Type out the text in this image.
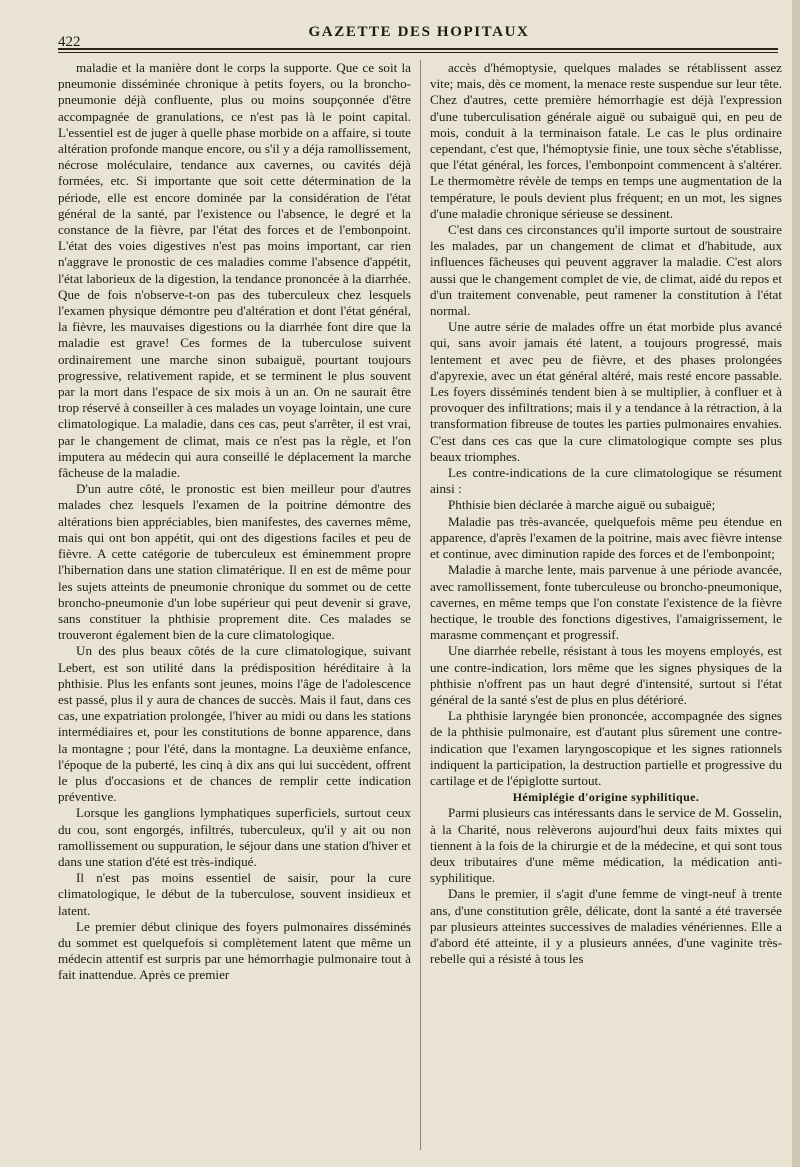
422
GAZETTE DES HOPITAUX

maladie et la manière dont le corps la supporte. Que ce soit la pneumonie disséminée chronique à petits foyers, ou la broncho-pneumonie déjà confluente, plus ou moins soupçonnée d'être accompagnée de granulations, ce n'est pas là le point capital. L'essentiel est de juger à quelle phase morbide on a affaire, si toute altération profonde manque encore, ou s'il y a déja ramollissement, nécrose moléculaire, tendance aux cavernes, ou cavités déjà formées, etc. Si importante que soit cette détermination de la période, elle est encore dominée par la considération de l'état général de la santé, par l'existence ou l'absence, le degré et la constance de la fièvre, par l'état des forces et de l'embonpoint. L'état des voies digestives n'est pas moins important, car rien n'aggrave le pronostic de ces maladies comme l'absence d'appétit, l'état laborieux de la digestion, la tendance prononcée à la diarrhée. Que de fois n'observe-t-on pas des tuberculeux chez lesquels l'examen physique démontre peu d'altération et dont l'état général, la fièvre, les mauvaises digestions ou la diarrhée font dire que la maladie est grave! Ces formes de la tuberculose suivent ordinairement une marche sinon subaiguë, pourtant toujours progressive, relativement rapide, et se terminent le plus souvent par la mort dans l'espace de six mois à un an. On ne saurait être trop réservé à conseiller à ces malades un voyage lointain, une cure climatologique. La maladie, dans ces cas, peut s'arrêter, il est vrai, par le changement de climat, mais ce n'est pas la règle, et l'on imputera au médecin qui aura conseillé le déplacement la marche fâcheuse de la maladie.

D'un autre côté, le pronostic est bien meilleur pour d'autres malades chez lesquels l'examen de la poitrine démontre des altérations bien appréciables, bien manifestes, des cavernes même, mais qui ont bon appétit, qui ont des digestions faciles et peu de fièvre. A cette catégorie de tuberculeux est éminemment propre l'hibernation dans une station climatérique. Il en est de même pour les sujets atteints de pneumonie chronique du sommet ou de cette broncho-pneumonie d'un lobe supérieur qui peut devenir si grave, sans constituer la phthisie proprement dite. Ces malades se trouveront également bien de la cure climatologique.

Un des plus beaux côtés de la cure climatologique, suivant Lebert, est son utilité dans la prédisposition héréditaire à la phthisie. Plus les enfants sont jeunes, moins l'âge de l'adolescence est passé, plus il y aura de chances de succès. Mais il faut, dans ces cas, une expatriation prolongée, l'hiver au midi ou dans les stations intermédiaires et, pour les constitutions de bonne apparence, dans la montagne ; pour l'été, dans la montagne. La deuxième enfance, l'époque de la puberté, les cinq à dix ans qui lui succèdent, offrent le plus d'occasions et de chances de remplir cette indication préventive.

Lorsque les ganglions lymphatiques superficiels, surtout ceux du cou, sont engorgés, infiltrés, tuberculeux, qu'il y ait ou non ramollissement ou suppuration, le séjour dans une station d'hiver et dans une station d'été est très-indiqué.

Il n'est pas moins essentiel de saisir, pour la cure climatologique, le début de la tuberculose, souvent insidieux et latent.

Le premier début clinique des foyers pulmonaires disséminés du sommet est quelquefois si complètement latent que même un médecin attentif est surpris par une hémorrhagie pulmonaire tout à fait inattendue. Après ce premier

accès d'hémoptysie, quelques malades se rétablissent assez vite; mais, dès ce moment, la menace reste suspendue sur leur tête. Chez d'autres, cette première hémorrhagie est déjà l'expression d'une tuberculisation générale aiguë ou subaiguë qui, en peu de mois, conduit à la terminaison fatale. Le cas le plus ordinaire cependant, c'est que, l'hémoptysie finie, une toux sèche s'établisse, que l'état général, les forces, l'embonpoint commencent à s'altérer. Le thermomètre révèle de temps en temps une augmentation de la température, le pouls devient plus fréquent; en un mot, les signes d'une maladie chronique sérieuse se dessinent.

C'est dans ces circonstances qu'il importe surtout de soustraire les malades, par un changement de climat et d'habitude, aux influences fâcheuses qui peuvent aggraver la maladie. C'est alors aussi que le changement complet de vie, de climat, aidé du repos et d'un traitement convenable, peut ramener la constitution à l'état normal.

Une autre série de malades offre un état morbide plus avancé qui, sans avoir jamais été latent, a toujours progressé, mais lentement et avec peu de fièvre, et des phases prolongées d'apyrexie, avec un état général altéré, mais resté encore passable. Les foyers disséminés tendent bien à se multiplier, à confluer et à provoquer des infiltrations; mais il y a tendance à la rétraction, à la transformation fibreuse de toutes les parties pulmonaires envahies. C'est dans ces cas que la cure climatologique compte ses plus beaux triomphes.

Les contre-indications de la cure climatologique se résument ainsi :

Phthisie bien déclarée à marche aiguë ou subaiguë;

Maladie pas très-avancée, quelquefois même peu étendue en apparence, d'après l'examen de la poitrine, mais avec fièvre intense et continue, avec diminution rapide des forces et de l'embonpoint;

Maladie à marche lente, mais parvenue à une période avancée, avec ramollissement, fonte tuberculeuse ou broncho-pneumonique, cavernes, en même temps que l'on constate l'existence de la fièvre hectique, le trouble des fonctions digestives, l'amaigrissement, le marasme commençant et progressif.

Une diarrhée rebelle, résistant à tous les moyens employés, est une contre-indication, lors même que les signes physiques de la phthisie n'offrent pas un haut degré d'intensité, surtout si l'état général de la santé s'est de plus en plus détérioré.

La phthisie laryngée bien prononcée, accompagnée des signes de la phthisie pulmonaire, est d'autant plus sûrement une contre-indication que l'examen laryngoscopique et les signes rationnels indiquent la participation, la destruction partielle et progressive du cartilage et de l'épiglotte surtout.

Hémiplégie d'origine syphilitique.

Parmi plusieurs cas intéressants dans le service de M. Gosselin, à la Charité, nous relèverons aujourd'hui deux faits mixtes qui tiennent à la fois de la chirurgie et de la médecine, et qui sont tous deux tributaires d'une même médication, la médication anti-syphilitique.

Dans le premier, il s'agit d'une femme de vingt-neuf à trente ans, d'une constitution grêle, délicate, dont la santé a été traversée par plusieurs atteintes successives de maladies vénériennes. Elle a d'abord été atteinte, il y a plusieurs années, d'une vaginite très-rebelle qui a résisté à tous les
